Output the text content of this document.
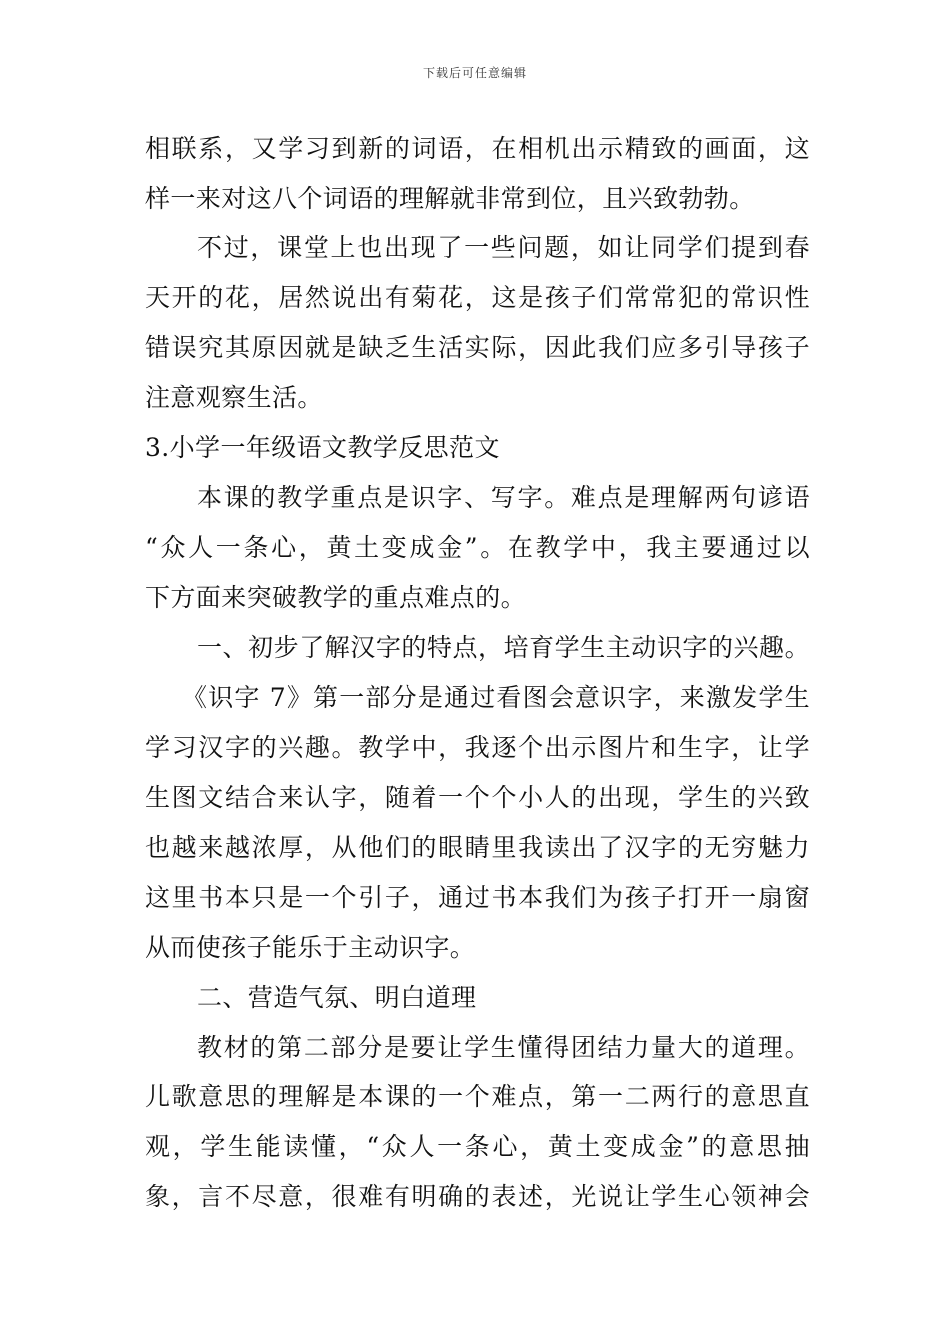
下载后可任意编辑
相联系，又学习到新的词语，在相机出示精致的画面，这
样一来对这八个词语的理解就非常到位，且兴致勃勃。
不过，课堂上也出现了一些问题，如让同学们提到春
天开的花，居然说出有菊花，这是孩子们常常犯的常识性
错误究其原因就是缺乏生活实际，因此我们应多引导孩子
注意观察生活。
3.小学一年级语文教学反思范文
本课的教学重点是识字、写字。难点是理解两句谚语
“众人一条心，黄土变成金”。在教学中，我主要通过以
下方面来突破教学的重点难点的。
一、初步了解汉字的特点，培育学生主动识字的兴趣。
《识字 7》第一部分是通过看图会意识字，来激发学生
学习汉字的兴趣。教学中，我逐个出示图片和生字，让学
生图文结合来认字，随着一个个小人的出现，学生的兴致
也越来越浓厚，从他们的眼睛里我读出了汉字的无穷魅力
这里书本只是一个引子，通过书本我们为孩子打开一扇窗
从而使孩子能乐于主动识字。
二、营造气氛、明白道理
教材的第二部分是要让学生懂得团结力量大的道理。
儿歌意思的理解是本课的一个难点，第一二两行的意思直
观，学生能读懂，“众人一条心，黄土变成金”的意思抽
象，言不尽意，很难有明确的表述，光说让学生心领神会
